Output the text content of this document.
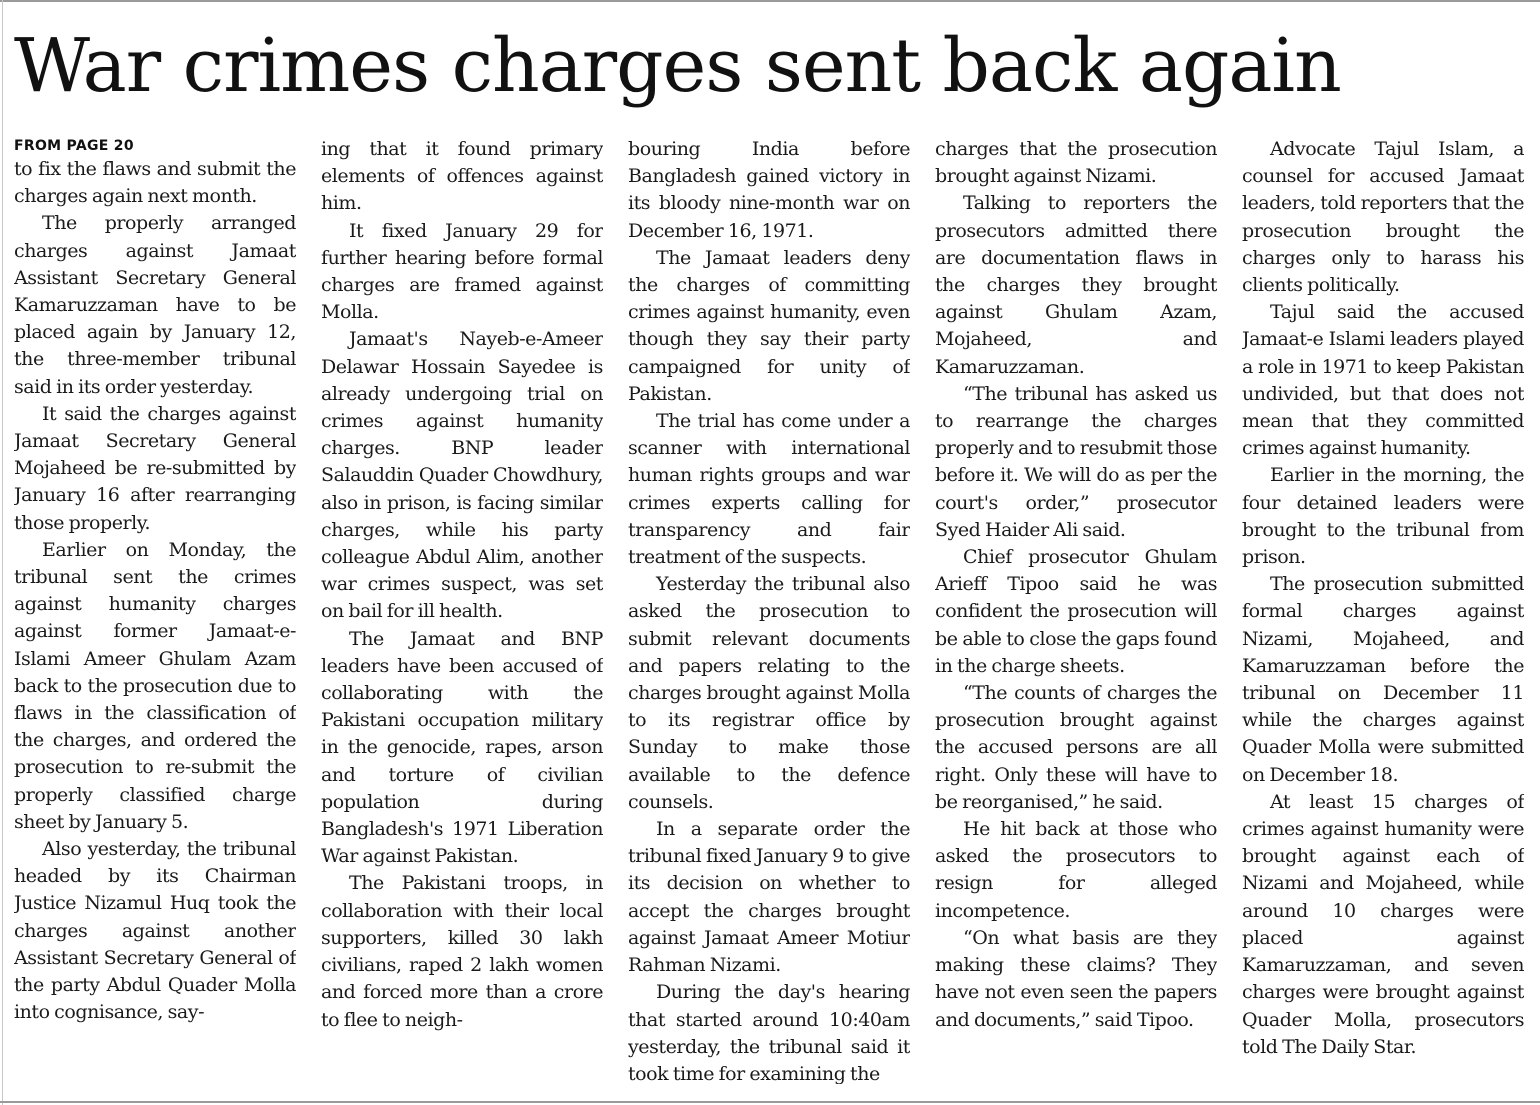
War crimes charges sent back again
FROM PAGE 20

to fix the flaws and submit the charges again next month.

The properly arranged charges against Jamaat Assistant Secretary General Kamaruzzaman have to be placed again by January 12, the three-member tribunal said in its order yesterday.

It said the charges against Jamaat Secretary General Mojaheed be re-submitted by January 16 after rearranging those properly.

Earlier on Monday, the tribunal sent the crimes against humanity charges against former Jamaat-e-Islami Ameer Ghulam Azam back to the prosecution due to flaws in the classification of the charges, and ordered the prosecution to re-submit the properly classified charge sheet by January 5.

Also yesterday, the tribunal headed by its Chairman Justice Nizamul Huq took the charges against another Assistant Secretary General of the party Abdul Quader Molla into cognisance, say-

ing that it found primary elements of offences against him.

It fixed January 29 for further hearing before formal charges are framed against Molla.

Jamaat's Nayeb-e-Ameer Delawar Hossain Sayedee is already undergoing trial on crimes against humanity charges. BNP leader Salauddin Quader Chowdhury, also in prison, is facing similar charges, while his party colleague Abdul Alim, another war crimes suspect, was set on bail for ill health.

The Jamaat and BNP leaders have been accused of collaborating with the Pakistani occupation military in the genocide, rapes, arson and torture of civilian population during Bangladesh's 1971 Liberation War against Pakistan.

The Pakistani troops, in collaboration with their local supporters, killed 30 lakh civilians, raped 2 lakh women and forced more than a crore to flee to neigh-

bouring India before Bangladesh gained victory in its bloody nine-month war on December 16, 1971.

The Jamaat leaders deny the charges of committing crimes against humanity, even though they say their party campaigned for unity of Pakistan.

The trial has come under a scanner with international human rights groups and war crimes experts calling for transparency and fair treatment of the suspects.

Yesterday the tribunal also asked the prosecution to submit relevant documents and papers relating to the charges brought against Molla to its registrar office by Sunday to make those available to the defence counsels.

In a separate order the tribunal fixed January 9 to give its decision on whether to accept the charges brought against Jamaat Ameer Motiur Rahman Nizami.

During the day's hearing that started around 10:40am yesterday, the tribunal said it took time for examining the

charges that the prosecution brought against Nizami.

Talking to reporters the prosecutors admitted there are documentation flaws in the charges they brought against Ghulam Azam, Mojaheed, and Kamaruzzaman.

“The tribunal has asked us to rearrange the charges properly and to resubmit those before it. We will do as per the court's order,” prosecutor Syed Haider Ali said.

Chief prosecutor Ghulam Arieff Tipoo said he was confident the prosecution will be able to close the gaps found in the charge sheets.

“The counts of charges the prosecution brought against the accused persons are all right. Only these will have to be reorganised,” he said.

He hit back at those who asked the prosecutors to resign for alleged incompetence.

“On what basis are they making these claims? They have not even seen the papers and documents,” said Tipoo.

Advocate Tajul Islam, a counsel for accused Jamaat leaders, told reporters that the prosecution brought the charges only to harass his clients politically.

Tajul said the accused Jamaat-e Islami leaders played a role in 1971 to keep Pakistan undivided, but that does not mean that they committed crimes against humanity.

Earlier in the morning, the four detained leaders were brought to the tribunal from prison.

The prosecution submitted formal charges against Nizami, Mojaheed, and Kamaruzzaman before the tribunal on December 11 while the charges against Quader Molla were submitted on December 18.

At least 15 charges of crimes against humanity were brought against each of Nizami and Mojaheed, while around 10 charges were placed against Kamaruzzaman, and seven charges were brought against Quader Molla, prosecutors told The Daily Star.
